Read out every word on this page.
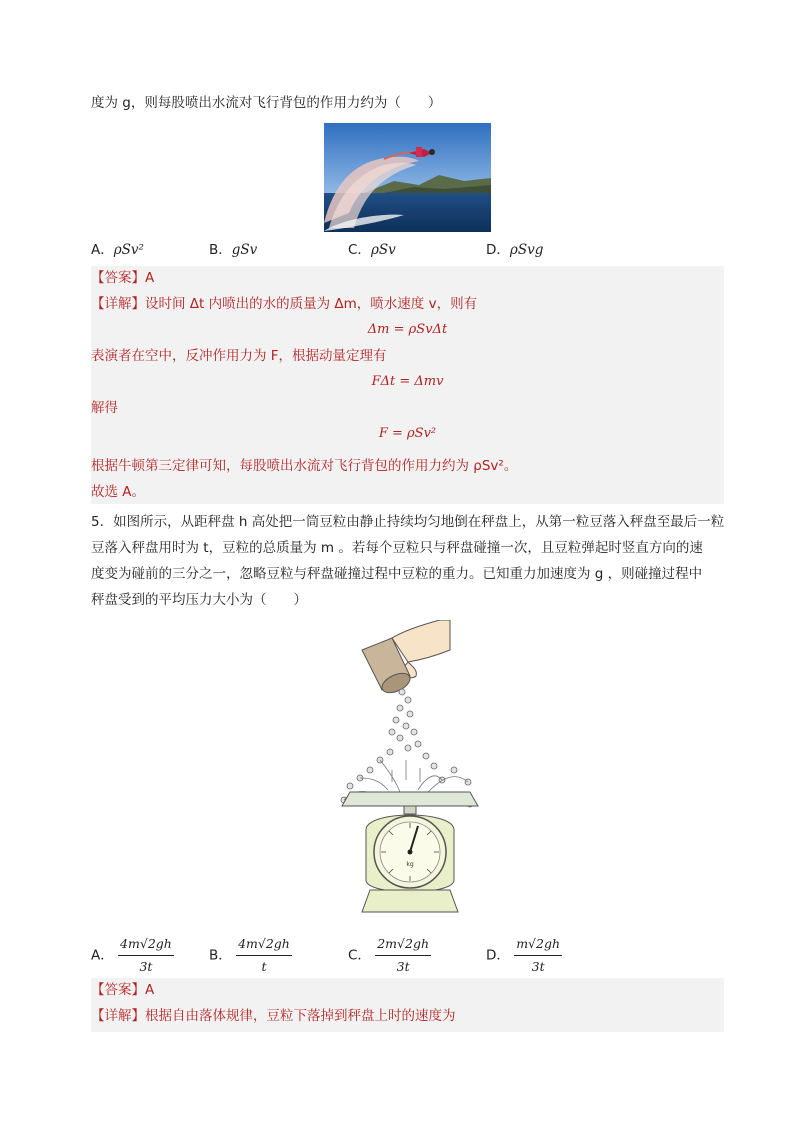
度为 g，则每股喷出水流对飞行背包的作用力约为（　　）
A．ρSv²	B．gSv	C．ρSv	D．ρSvg
【答案】A
【详解】设时间 Δt 内喷出的水的质量为 Δm，喷水速度 v，则有
Δm = ρSvΔt
表演者在空中，反冲作用力为 F，根据动量定理有
FΔt = Δmv
解得
F = ρSv²
根据牛顿第三定律可知，每股喷出水流对飞行背包的作用力约为 ρSv²。
故选 A。
5．如图所示，从距秤盘 h 高处把一筒豆粒由静止持续均匀地倒在秤盘上，从第一粒豆落入秤盘至最后一粒
豆落入秤盘用时为 t，豆粒的总质量为 m 。若每个豆粒只与秤盘碰撞一次，且豆粒弹起时竖直方向的速
度变为碰前的三分之一，忽略豆粒与秤盘碰撞过程中豆粒的重力。已知重力加速度为 g ，则碰撞过程中
秤盘受到的平均压力大小为（　　）
kg
A． $\frac{4m√2gh}{3t}$	B． $\frac{4m√2gh}{t}$	C． $\frac{2m√2gh}{3t}$	D． $\frac{m√2gh}{3t}$
【答案】A
【详解】根据自由落体规律，豆粒下落掉到秤盘上时的速度为
